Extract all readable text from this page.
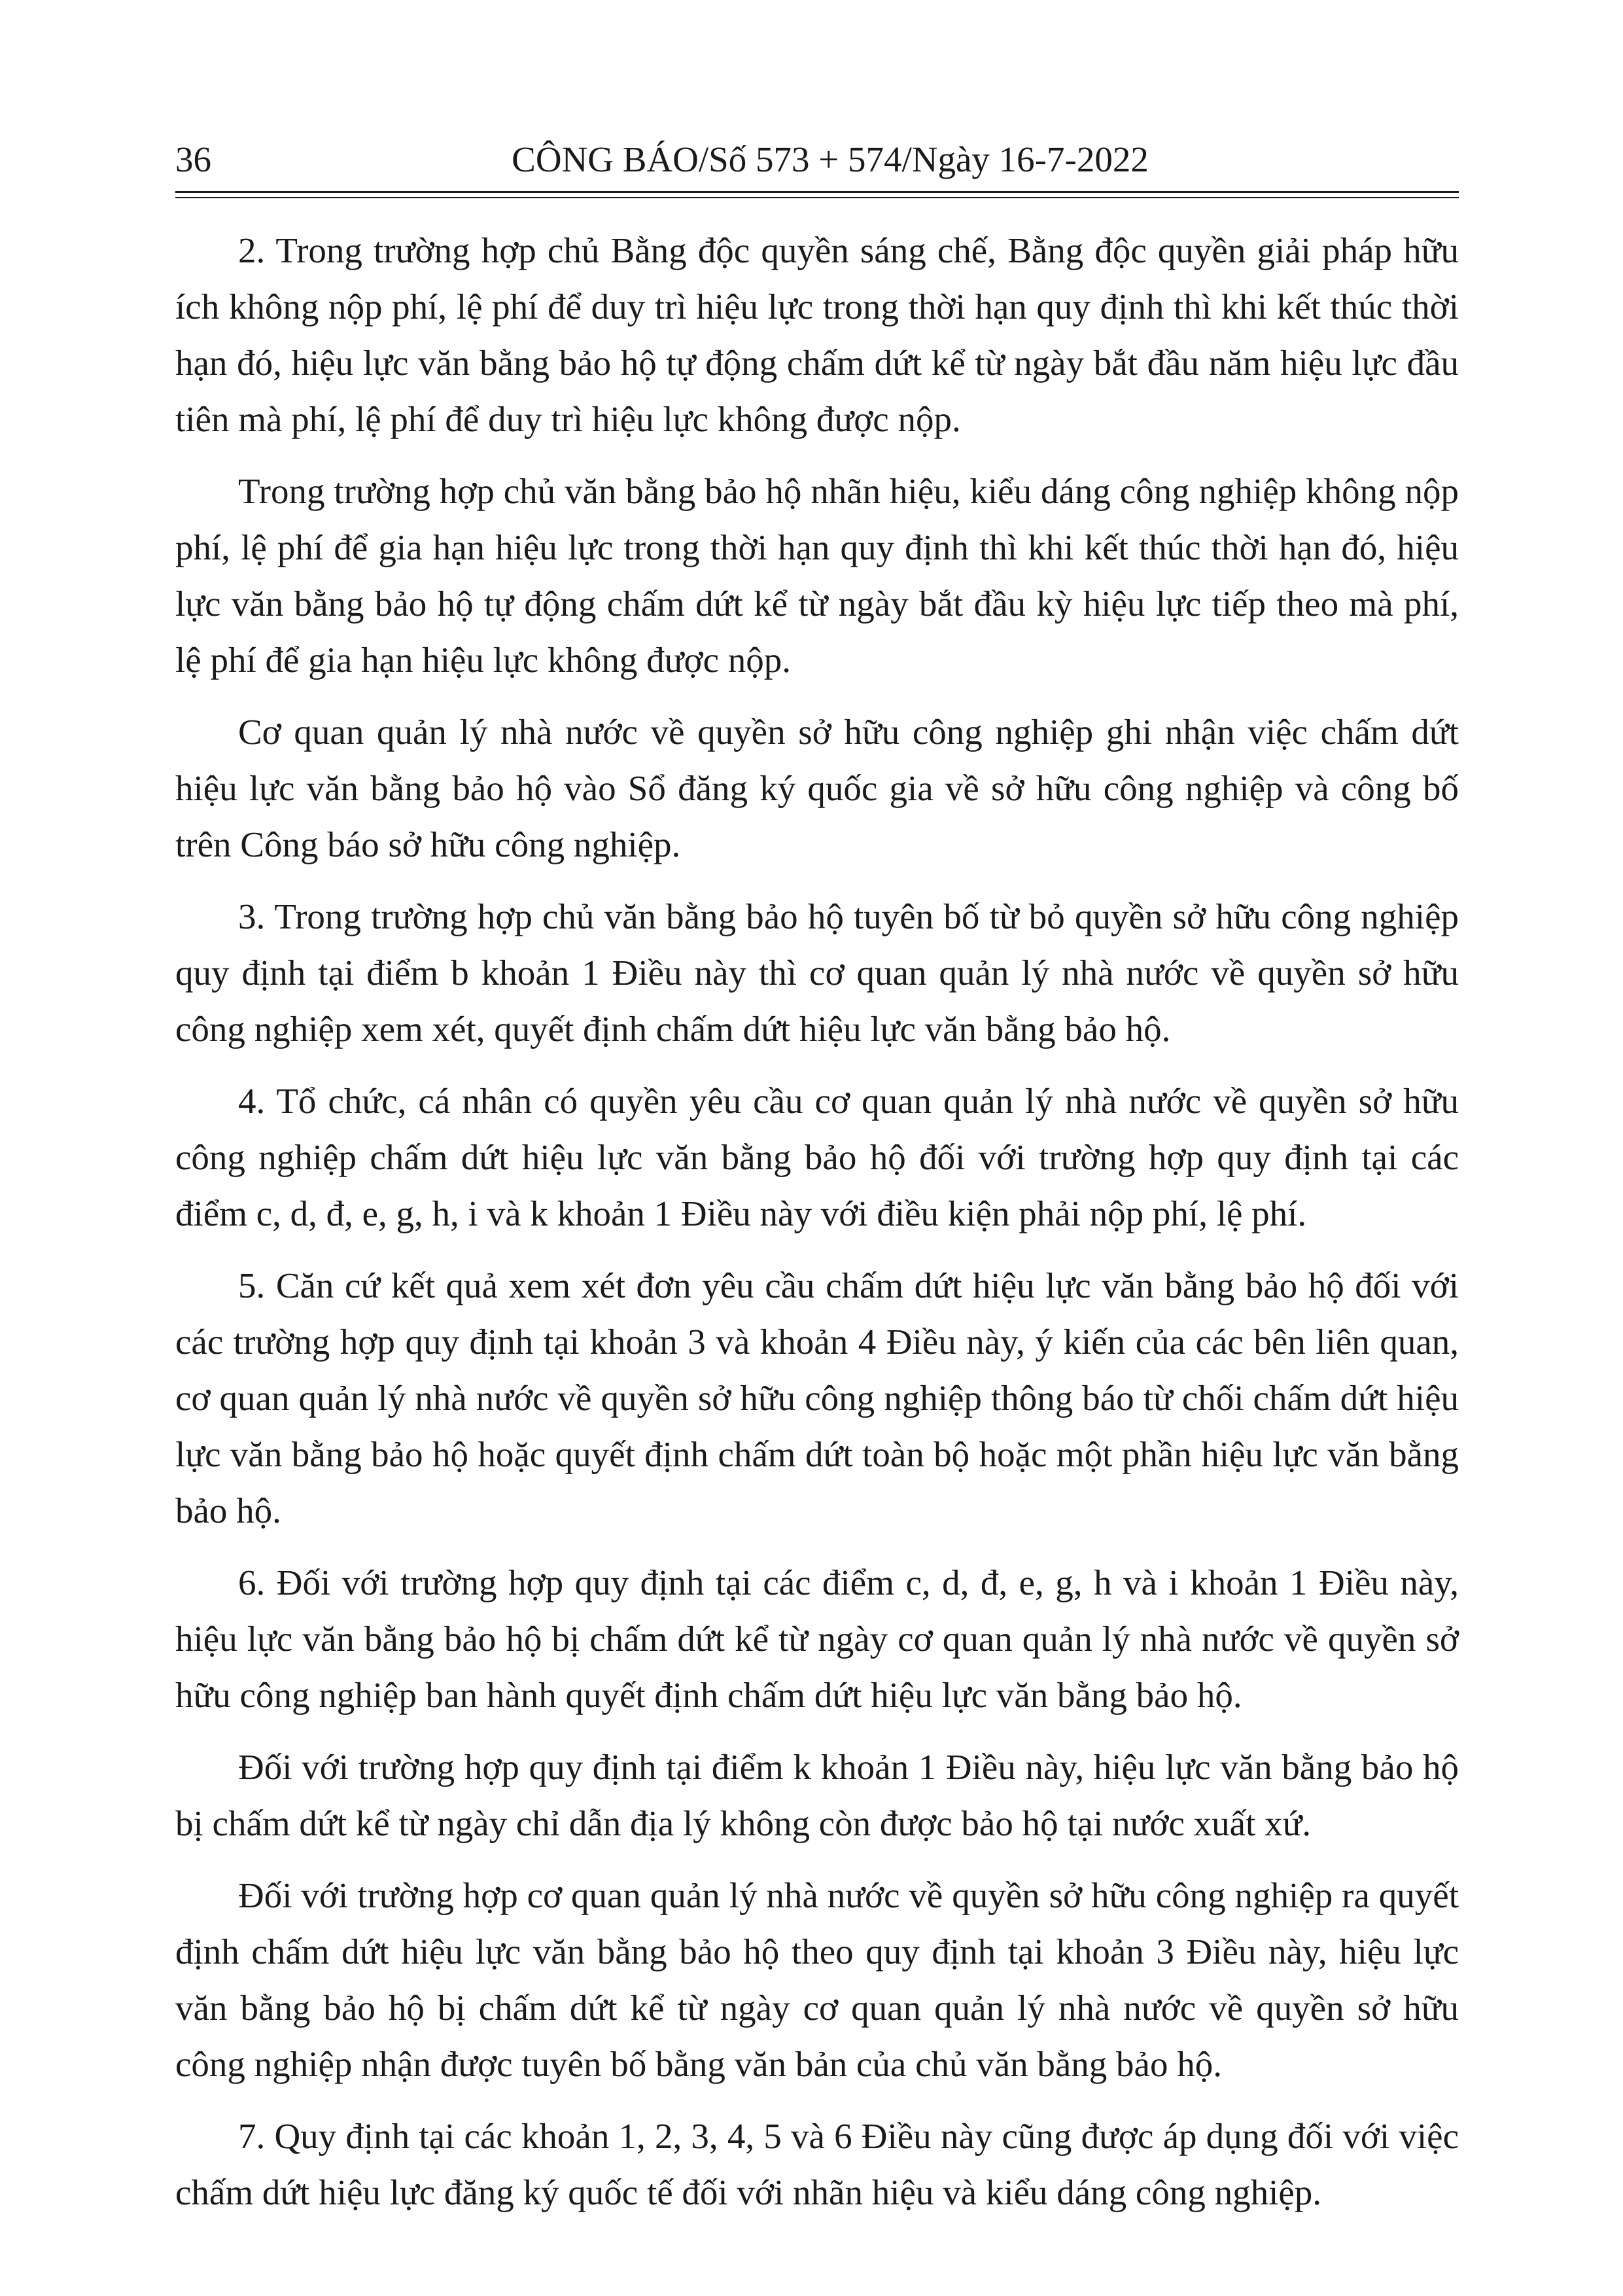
36	CÔNG BÁO/Số 573 + 574/Ngày 16-7-2022

2. Trong trường hợp chủ Bằng độc quyền sáng chế, Bằng độc quyền giải pháp hữu ích không nộp phí, lệ phí để duy trì hiệu lực trong thời hạn quy định thì khi kết thúc thời hạn đó, hiệu lực văn bằng bảo hộ tự động chấm dứt kể từ ngày bắt đầu năm hiệu lực đầu tiên mà phí, lệ phí để duy trì hiệu lực không được nộp.

Trong trường hợp chủ văn bằng bảo hộ nhãn hiệu, kiểu dáng công nghiệp không nộp phí, lệ phí để gia hạn hiệu lực trong thời hạn quy định thì khi kết thúc thời hạn đó, hiệu lực văn bằng bảo hộ tự động chấm dứt kể từ ngày bắt đầu kỳ hiệu lực tiếp theo mà phí, lệ phí để gia hạn hiệu lực không được nộp.

Cơ quan quản lý nhà nước về quyền sở hữu công nghiệp ghi nhận việc chấm dứt hiệu lực văn bằng bảo hộ vào Sổ đăng ký quốc gia về sở hữu công nghiệp và công bố trên Công báo sở hữu công nghiệp.

3. Trong trường hợp chủ văn bằng bảo hộ tuyên bố từ bỏ quyền sở hữu công nghiệp quy định tại điểm b khoản 1 Điều này thì cơ quan quản lý nhà nước về quyền sở hữu công nghiệp xem xét, quyết định chấm dứt hiệu lực văn bằng bảo hộ.

4. Tổ chức, cá nhân có quyền yêu cầu cơ quan quản lý nhà nước về quyền sở hữu công nghiệp chấm dứt hiệu lực văn bằng bảo hộ đối với trường hợp quy định tại các điểm c, d, đ, e, g, h, i và k khoản 1 Điều này với điều kiện phải nộp phí, lệ phí.

5. Căn cứ kết quả xem xét đơn yêu cầu chấm dứt hiệu lực văn bằng bảo hộ đối với các trường hợp quy định tại khoản 3 và khoản 4 Điều này, ý kiến của các bên liên quan, cơ quan quản lý nhà nước về quyền sở hữu công nghiệp thông báo từ chối chấm dứt hiệu lực văn bằng bảo hộ hoặc quyết định chấm dứt toàn bộ hoặc một phần hiệu lực văn bằng bảo hộ.

6. Đối với trường hợp quy định tại các điểm c, d, đ, e, g, h và i khoản 1 Điều này, hiệu lực văn bằng bảo hộ bị chấm dứt kể từ ngày cơ quan quản lý nhà nước về quyền sở hữu công nghiệp ban hành quyết định chấm dứt hiệu lực văn bằng bảo hộ.

Đối với trường hợp quy định tại điểm k khoản 1 Điều này, hiệu lực văn bằng bảo hộ bị chấm dứt kể từ ngày chỉ dẫn địa lý không còn được bảo hộ tại nước xuất xứ.

Đối với trường hợp cơ quan quản lý nhà nước về quyền sở hữu công nghiệp ra quyết định chấm dứt hiệu lực văn bằng bảo hộ theo quy định tại khoản 3 Điều này, hiệu lực văn bằng bảo hộ bị chấm dứt kể từ ngày cơ quan quản lý nhà nước về quyền sở hữu công nghiệp nhận được tuyên bố bằng văn bản của chủ văn bằng bảo hộ.

7. Quy định tại các khoản 1, 2, 3, 4, 5 và 6 Điều này cũng được áp dụng đối với việc chấm dứt hiệu lực đăng ký quốc tế đối với nhãn hiệu và kiểu dáng công nghiệp.
